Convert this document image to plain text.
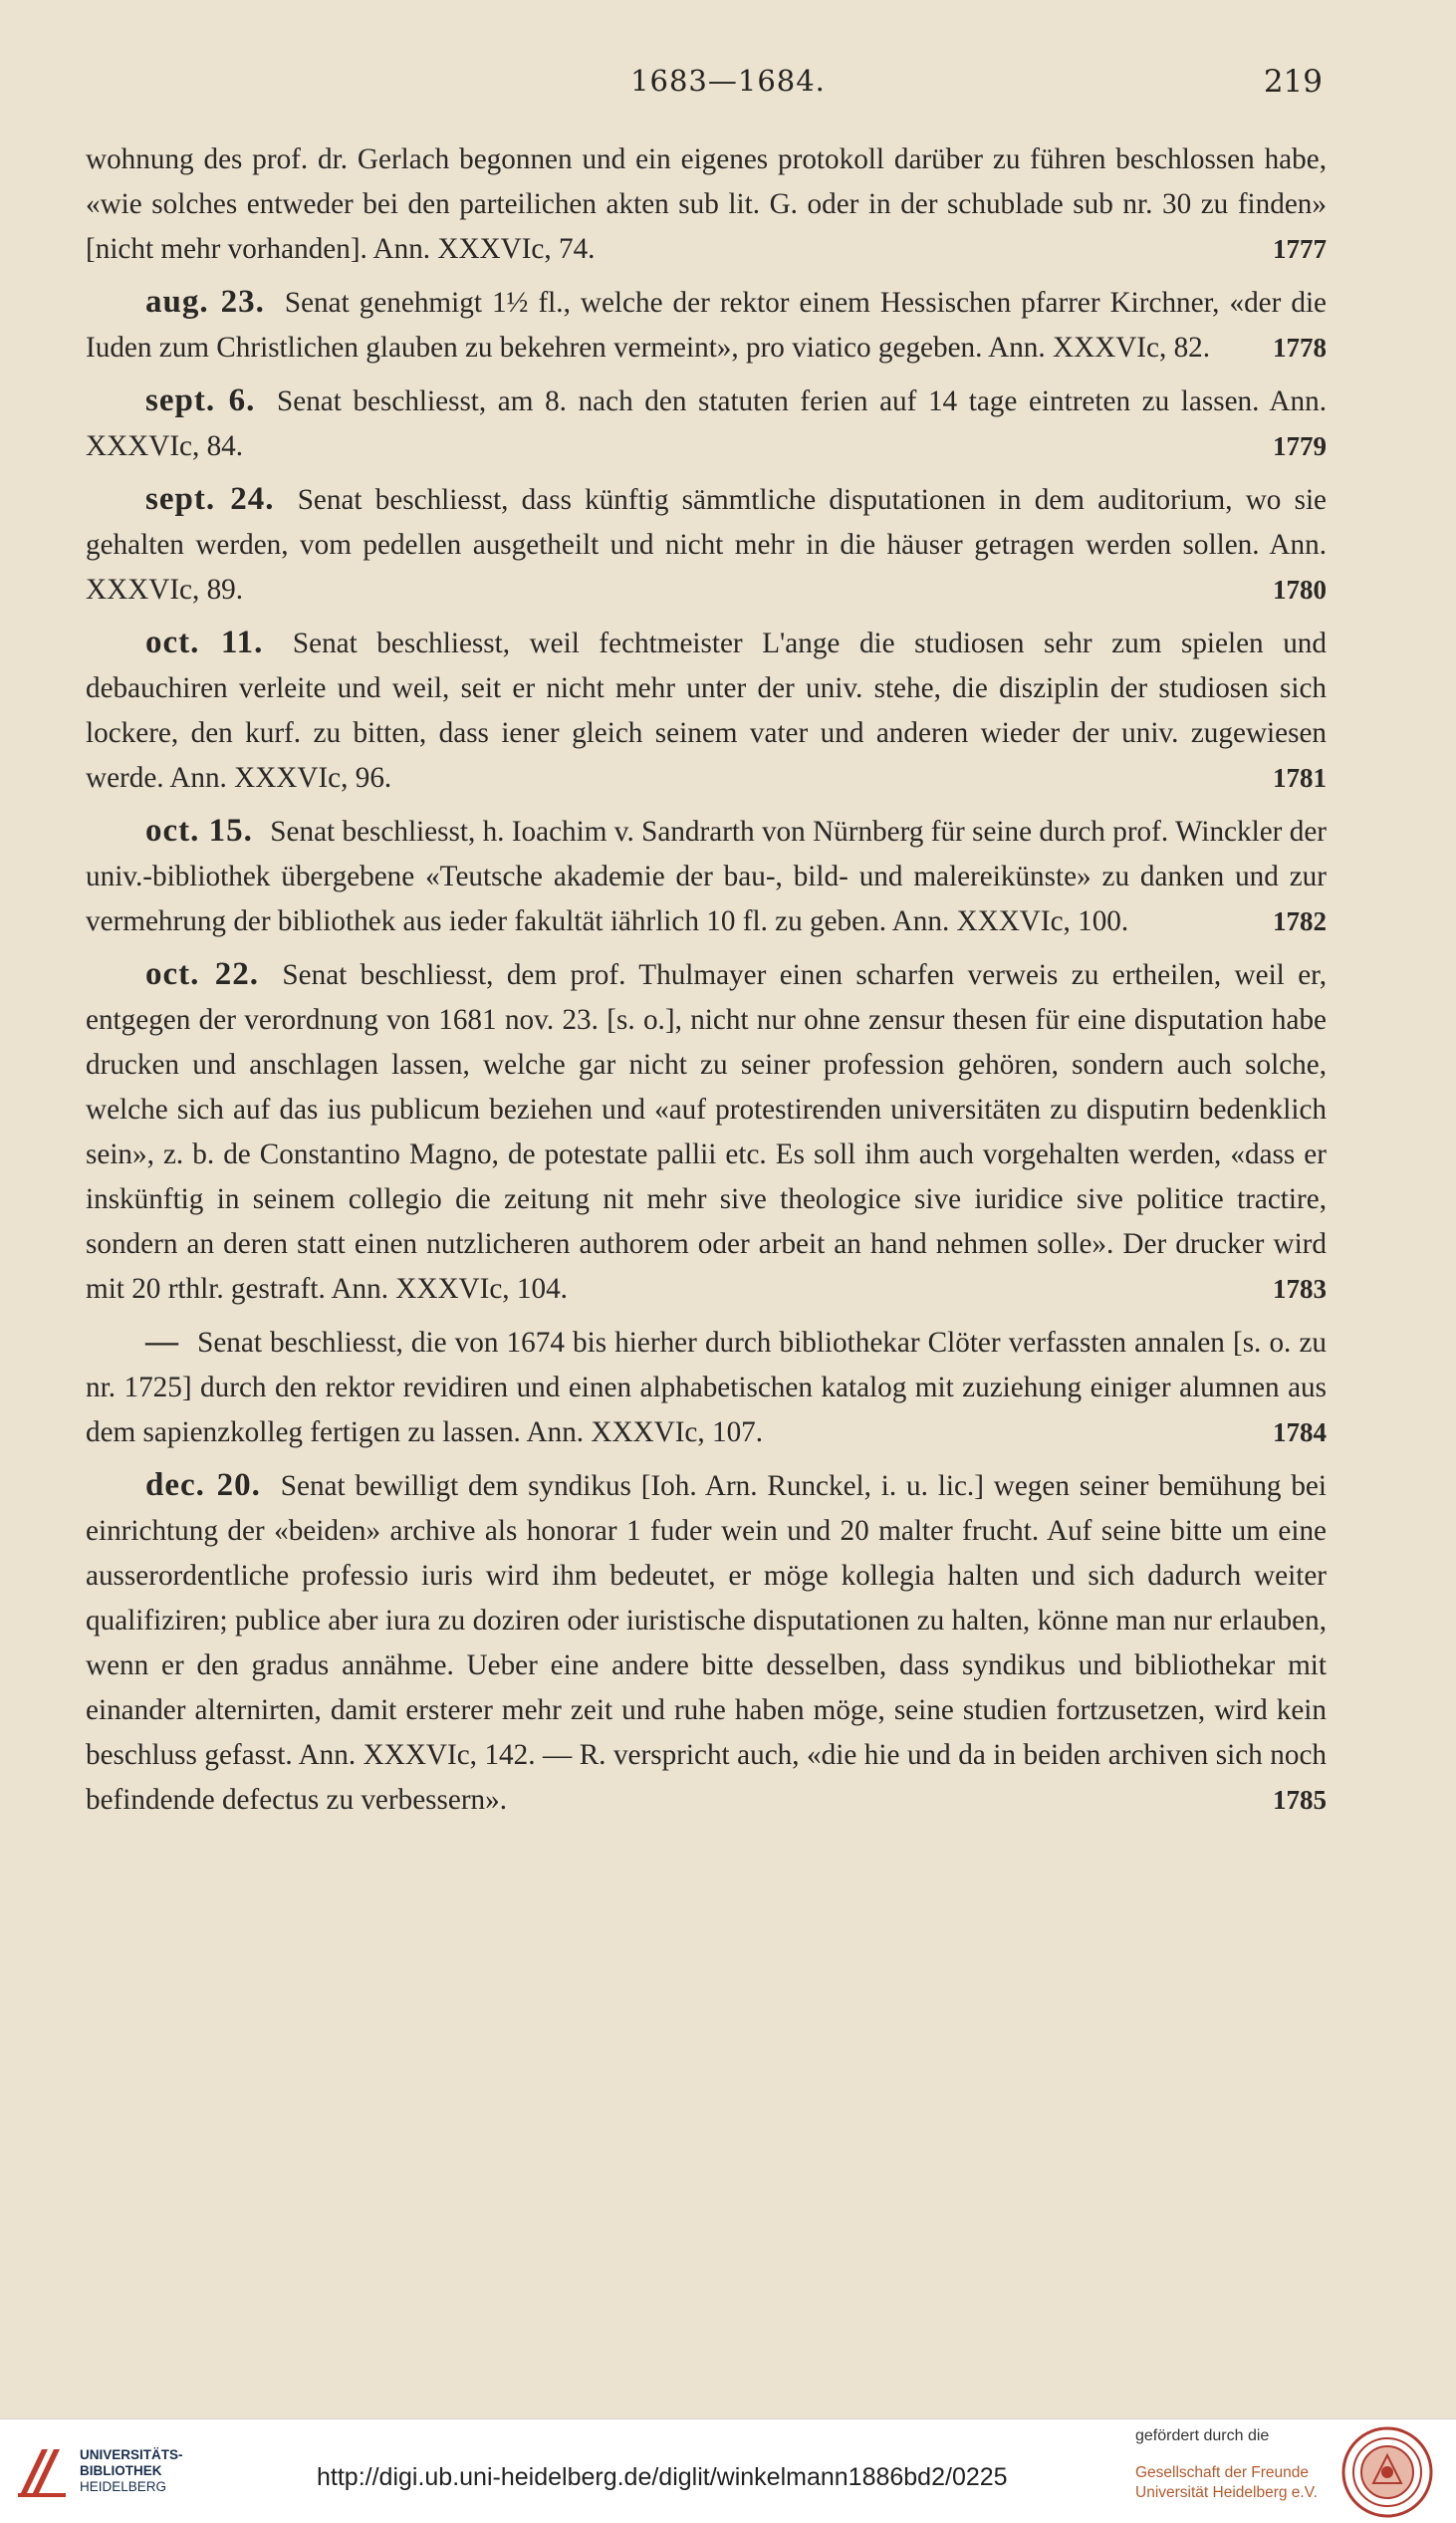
1683—1684.	219

wohnung des prof. dr. Gerlach begonnen und ein eigenes protokoll darüber zu führen beschlossen habe, «wie solches entweder bei den parteilichen akten sub lit. G. oder in der schublade sub nr. 30 zu finden» [nicht mehr vorhanden]. Ann. XXXVIc, 74.	1777

aug. 23. Senat genehmigt 1½ fl., welche der rektor einem Hessischen pfarrer Kirchner, «der die Iuden zum Christlichen glauben zu bekehren vermeint», pro viatico gegeben. Ann. XXXVIc, 82.	1778

sept. 6. Senat beschliesst, am 8. nach den statuten ferien auf 14 tage eintreten zu lassen. Ann. XXXVIc, 84.	1779

sept. 24. Senat beschliesst, dass künftig sämmtliche disputationen in dem auditorium, wo sie gehalten werden, vom pedellen ausgetheilt und nicht mehr in die häuser getragen werden sollen. Ann. XXXVIc, 89.	1780

oct. 11. Senat beschliesst, weil fechtmeister L'ange die studiosen sehr zum spielen und debauchiren verleite und weil, seit er nicht mehr unter der univ. stehe, die disziplin der studiosen sich lockere, den kurf. zu bitten, dass iener gleich seinem vater und anderen wieder der univ. zugewiesen werde. Ann. XXXVIc, 96.	1781

oct. 15. Senat beschliesst, h. Ioachim v. Sandrarth von Nürnberg für seine durch prof. Winckler der univ.-bibliothek übergebene «Teutsche akademie der bau-, bild- und malereikünste» zu danken und zur vermehrung der bibliothek aus ieder fakultät iährlich 10 fl. zu geben. Ann. XXXVIc, 100.	1782

oct. 22. Senat beschliesst, dem prof. Thulmayer einen scharfen verweis zu ertheilen, weil er, entgegen der verordnung von 1681 nov. 23. [s. o.], nicht nur ohne zensur thesen für eine disputation habe drucken und anschlagen lassen, welche gar nicht zu seiner profession gehören, sondern auch solche, welche sich auf das ius publicum beziehen und «auf protestirenden universitäten zu disputirn bedenklich sein», z. b. de Constantino Magno, de potestate pallii etc. Es soll ihm auch vorgehalten werden, «dass er inskünftig in seinem collegio die zeitung nit mehr sive theologice sive iuridice sive politice tractire, sondern an deren statt einen nutzlicheren authorem oder arbeit an hand nehmen solle». Der drucker wird mit 20 rthlr. gestraft. Ann. XXXVIc, 104.	1783

— Senat beschliesst, die von 1674 bis hierher durch bibliothekar Clöter verfassten annalen [s. o. zu nr. 1725] durch den rektor revidiren und einen alphabetischen katalog mit zuziehung einiger alumnen aus dem sapienzkolleg fertigen zu lassen. Ann. XXXVIc, 107.	1784

dec. 20. Senat bewilligt dem syndikus [Ioh. Arn. Runckel, i. u. lic.] wegen seiner bemühung bei einrichtung der «beiden» archive als honorar 1 fuder wein und 20 malter frucht. Auf seine bitte um eine ausserordentliche professio iuris wird ihm bedeutet, er möge kollegia halten und sich dadurch weiter qualifiziren; publice aber iura zu doziren oder iuristische disputationen zu halten, könne man nur erlauben, wenn er den gradus annähme. Ueber eine andere bitte desselben, dass syndikus und bibliothekar mit einander alternirten, damit ersterer mehr zeit und ruhe haben möge, seine studien fortzusetzen, wird kein beschluss gefasst. Ann. XXXVIc, 142. — R. verspricht auch, «die hie und da in beiden archiven sich noch befindende defectus zu verbessern».	1785

UNIVERSITÄTS-
BIBLIOTHEK
HEIDELBERG	http://digi.ub.uni-heidelberg.de/diglit/winkelmann1886bd2/0225
gefördert durch die
Gesellschaft der Freunde
Universität Heidelberg e.V.
